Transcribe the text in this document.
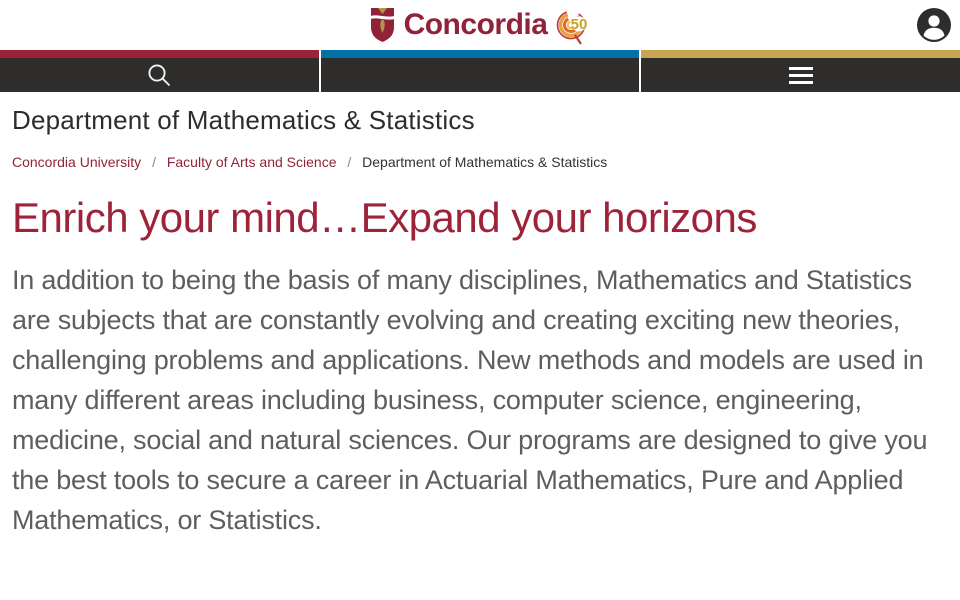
Concordia 50
Department of Mathematics & Statistics
Concordia University / Faculty of Arts and Science / Department of Mathematics & Statistics
Enrich your mind…Expand your horizons

In addition to being the basis of many disciplines, Mathematics and Statistics are subjects that are constantly evolving and creating exciting new theories, challenging problems and applications. New methods and models are used in many different areas including business, computer science, engineering, medicine, social and natural sciences. Our programs are designed to give you the best tools to secure a career in Actuarial Mathematics, Pure and Applied Mathematics, or Statistics.
